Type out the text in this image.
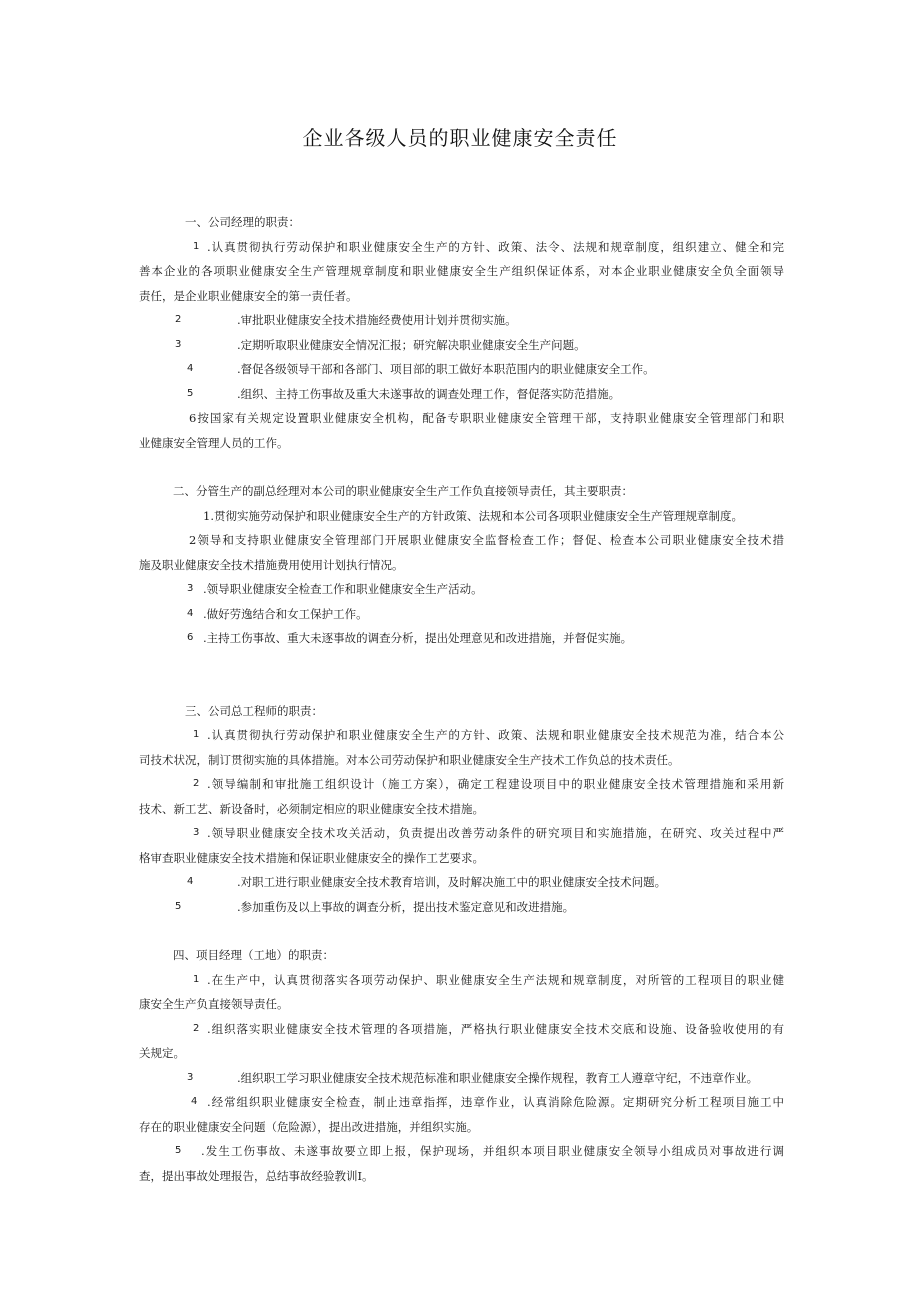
企业各级人员的职业健康安全责任
一、公司经理的职责：
1 .认真贯彻执行劳动保护和职业健康安全生产的方针、政策、法令、法规和规章制度，组织建立、健全和完
善本企业的各项职业健康安全生产管理规章制度和职业健康安全生产组织保证体系，对本企业职业健康安全负全面领导
责任，是企业职业健康安全的第一责任者。
2	.审批职业健康安全技术措施经费使用计划并贯彻实施。
3	.定期听取职业健康安全情况汇报；研究解决职业健康安全生产问题。
4	.督促各级领导干部和各部门、项目部的职工做好本职范围内的职业健康安全工作。
5	.组织、主持工伤事故及重大未遂事故的调查处理工作，督促落实防范措施。
6按国家有关规定设置职业健康安全机构，配备专职职业健康安全管理干部，支持职业健康安全管理部门和职
业健康安全管理人员的工作。
二、分管生产的副总经理对本公司的职业健康安全生产工作负直接领导责任，其主要职责：
1.贯彻实施劳动保护和职业健康安全生产的方针政策、法规和本公司各项职业健康安全生产管理规章制度。
2领导和支持职业健康安全管理部门开展职业健康安全监督检查工作；督促、检查本公司职业健康安全技术措
施及职业健康安全技术措施费用使用计划执行情况。
3 .领导职业健康安全检查工作和职业健康安全生产活动。
4 .做好劳逸结合和女工保护工作。
6 .主持工伤事故、重大未逐事故的调查分析，提出处理意见和改进措施，并督促实施。
三、公司总工程师的职责：
1 .认真贯彻执行劳动保护和职业健康安全生产的方针、政策、法规和职业健康安全技术规范为准，结合本公
司技术状况，制订贯彻实施的具体措施。对本公司劳动保护和职业健康安全生产技术工作负总的技术责任。
2 .领导编制和审批施工组织设计（施工方案），确定工程建设项目中的职业健康安全技术管理措施和采用新
技术、新工艺、新设备时，必须制定相应的职业健康安全技术措施。
3 .领导职业健康安全技术攻关活动，负责提出改善劳动条件的研究项目和实施措施，在研究、攻关过程中严
格审查职业健康安全技术措施和保证职业健康安全的操作工艺要求。
4	.对职工进行职业健康安全技术教育培训，及时解决施工中的职业健康安全技术问题。
5	.参加重伤及以上事故的调查分析，提出技术鉴定意见和改进措施。
四、项目经理（工地）的职责：
1 .在生产中，认真贯彻落实各项劳动保护、职业健康安全生产法规和规章制度，对所管的工程项目的职业健
康安全生产负直接领导责任。
2 .组织落实职业健康安全技术管理的各项措施，严格执行职业健康安全技术交底和设施、设备验收使用的有
关规定。
3	.组织职工学习职业健康安全技术规范标准和职业健康安全操作规程，教育工人遵章守纪，不违章作业。
4 .经常组织职业健康安全检查，制止违章指挥，违章作业，认真消除危险源。定期研究分析工程项目施工中
存在的职业健康安全问题（危险源），提出改进措施，并组织实施。
5 .发生工伤事故、未遂事故要立即上报，保护现场，并组织本项目职业健康安全领导小组成员对事故进行调
查，提出事故处理报告，总结事故经验教训I。
